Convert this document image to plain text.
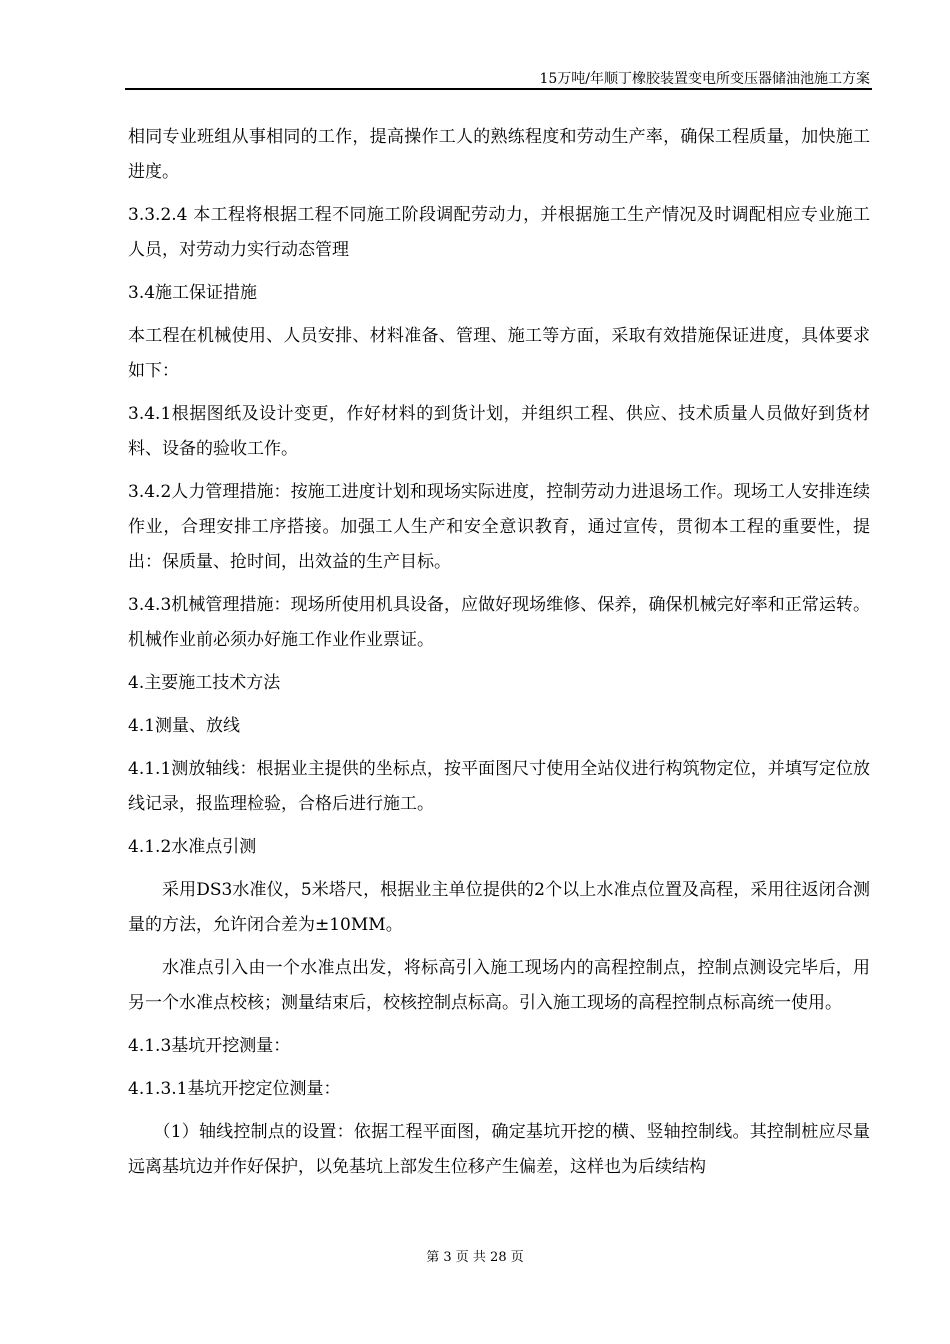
15万吨/年顺丁橡胶装置变电所变压器储油池施工方案

相同专业班组从事相同的工作，提高操作工人的熟练程度和劳动生产率，确保工程质量，加快施工进度。

3.3.2.4 本工程将根据工程不同施工阶段调配劳动力，并根据施工生产情况及时调配相应专业施工人员，对劳动力实行动态管理

3.4施工保证措施

本工程在机械使用、人员安排、材料准备、管理、施工等方面，采取有效措施保证进度，具体要求如下：

3.4.1根据图纸及设计变更，作好材料的到货计划，并组织工程、供应、技术质量人员做好到货材料、设备的验收工作。

3.4.2人力管理措施：按施工进度计划和现场实际进度，控制劳动力进退场工作。现场工人安排连续作业，合理安排工序搭接。加强工人生产和安全意识教育，通过宣传，贯彻本工程的重要性，提出：保质量、抢时间，出效益的生产目标。

3.4.3机械管理措施：现场所使用机具设备，应做好现场维修、保养，确保机械完好率和正常运转。机械作业前必须办好施工作业作业票证。

4.主要施工技术方法

4.1测量、放线

4.1.1测放轴线：根据业主提供的坐标点，按平面图尺寸使用全站仪进行构筑物定位，并填写定位放线记录，报监理检验，合格后进行施工。

4.1.2水准点引测

采用DS3水准仪，5米塔尺，根据业主单位提供的2个以上水准点位置及高程，采用往返闭合测量的方法，允许闭合差为±10MM。

水准点引入由一个水准点出发，将标高引入施工现场内的高程控制点，控制点测设完毕后，用另一个水准点校核；测量结束后，校核控制点标高。引入施工现场的高程控制点标高统一使用。

4.1.3基坑开挖测量：

4.1.3.1基坑开挖定位测量：

（1）轴线控制点的设置：依据工程平面图，确定基坑开挖的横、竖轴控制线。其控制桩应尽量远离基坑边并作好保护，以免基坑上部发生位移产生偏差，这样也为后续结构

第 3 页 共 28 页
